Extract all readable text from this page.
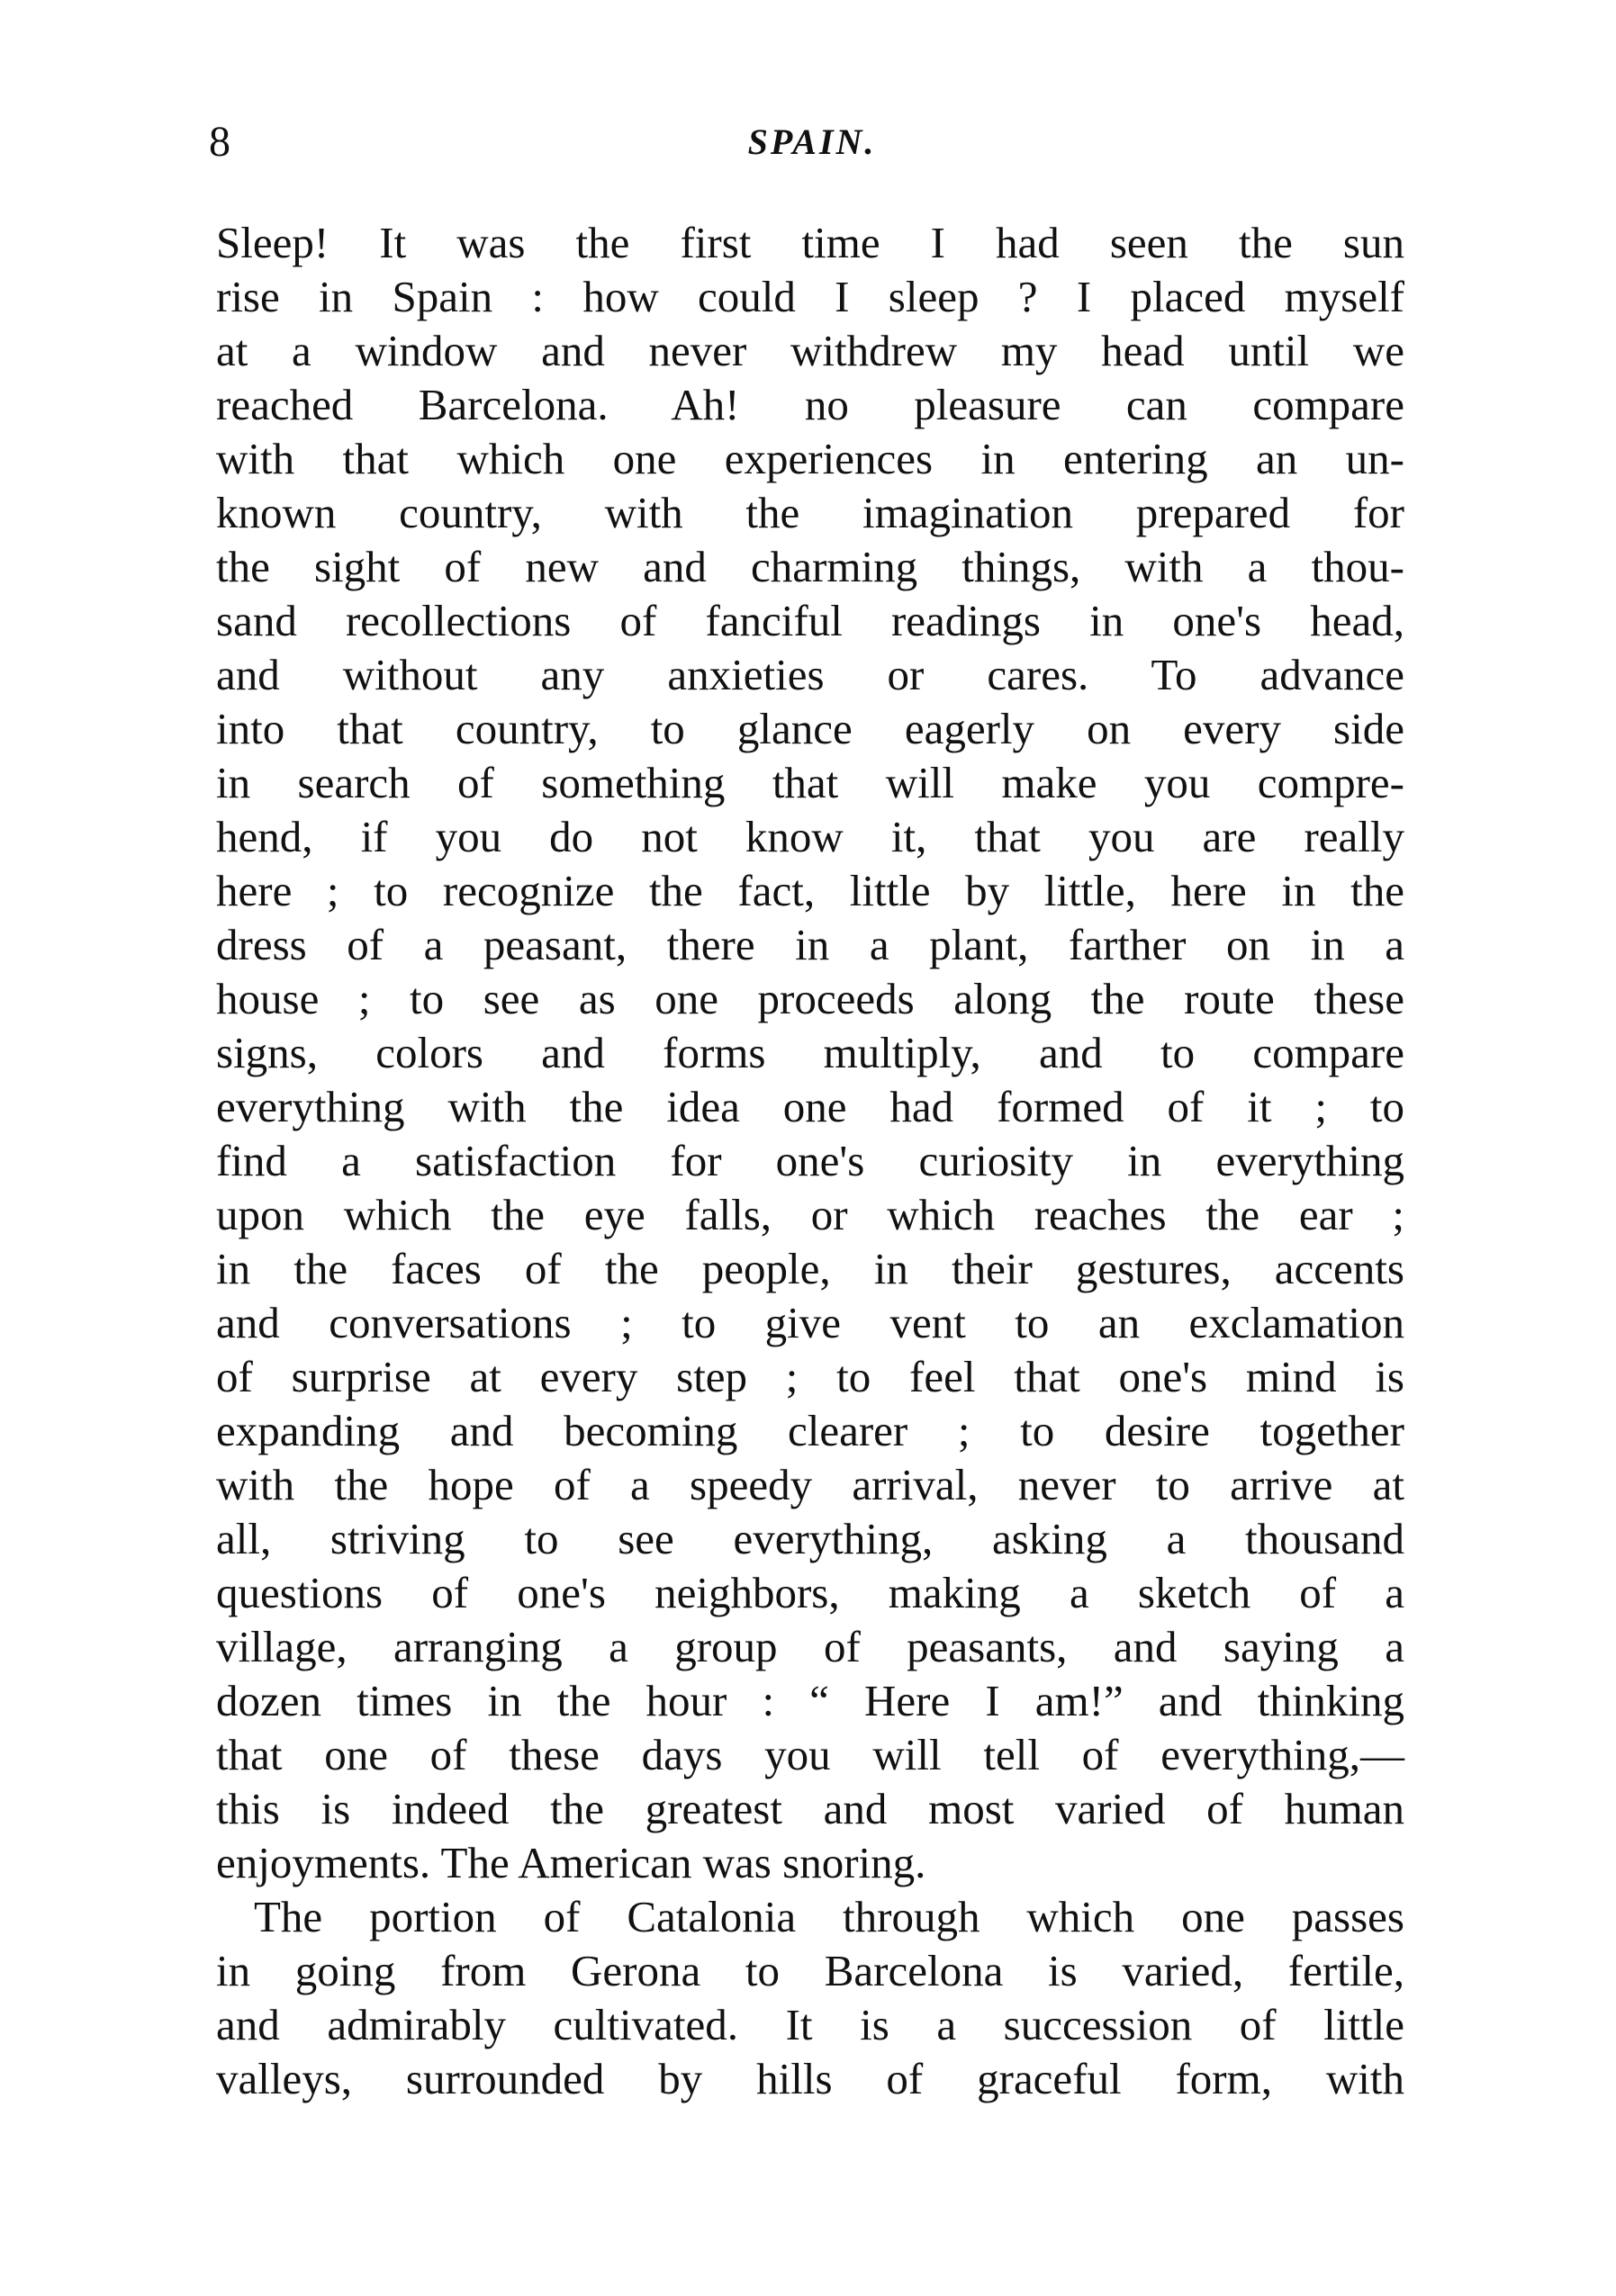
8	SPAIN.
Sleep! It was the first time I had seen the sun
rise in Spain : how could I sleep ? I placed myself
at a window and never withdrew my head until we
reached Barcelona. Ah! no pleasure can compare
with that which one experiences in entering an un-
known country, with the imagination prepared for
the sight of new and charming things, with a thou-
sand recollections of fanciful readings in one's head,
and without any anxieties or cares. To advance
into that country, to glance eagerly on every side
in search of something that will make you compre-
hend, if you do not know it, that you are really
here ; to recognize the fact, little by little, here in the
dress of a peasant, there in a plant, farther on in a
house ; to see as one proceeds along the route these
signs, colors and forms multiply, and to compare
everything with the idea one had formed of it ; to
find a satisfaction for one's curiosity in everything
upon which the eye falls, or which reaches the ear ;
in the faces of the people, in their gestures, accents
and conversations ; to give vent to an exclamation
of surprise at every step ; to feel that one's mind is
expanding and becoming clearer ; to desire together
with the hope of a speedy arrival, never to arrive at
all, striving to see everything, asking a thousand
questions of one's neighbors, making a sketch of a
village, arranging a group of peasants, and saying a
dozen times in the hour : “ Here I am!” and thinking
that one of these days you will tell of everything,—
this is indeed the greatest and most varied of human
enjoyments. The American was snoring.
The portion of Catalonia through which one passes
in going from Gerona to Barcelona is varied, fertile,
and admirably cultivated. It is a succession of little
valleys, surrounded by hills of graceful form, with
